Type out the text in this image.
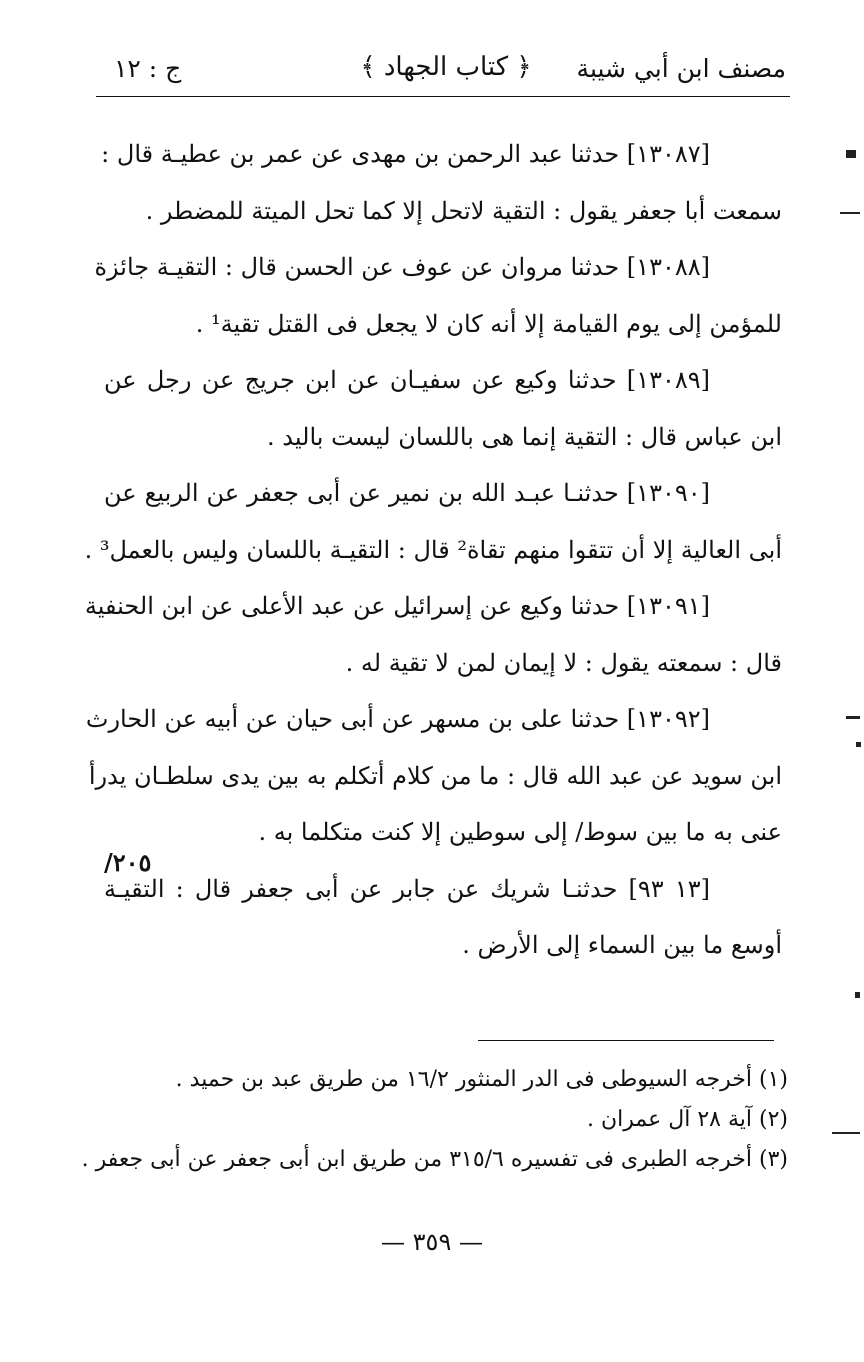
مصنف ابن أبي شيبة
﴿ كتاب الجهاد ﴾
ج : ١٢
[١٣٠٨٧] حدثنا عبد الرحمن بن مهدى عن عمر بن عطيـة قال :
سمعت أبا جعفر يقول : التقية لاتحل إلا كما تحل الميتة للمضطر .
[١٣٠٨٨] حدثنا مروان عن عوف عن الحسن قال : التقيـة جائزة
للمؤمن إلى يوم القيامة إلا أنه كان لا يجعل فى القتل تقية¹ .
[١٣٠٨٩] حدثنا وكيع عن سفيـان عن ابن جريج عن رجل عن
ابن عباس قال : التقية إنما هى باللسان ليست باليد .
[١٣٠٩٠] حدثنـا عبـد الله بن نمير عن أبى جعفر عن الربيع عن
أبى العالية إلا أن تتقوا منهم تقاة² قال : التقيـة باللسان وليس بالعمل³ .
[١٣٠٩١] حدثنا وكيع عن إسرائيل عن عبد الأعلى عن ابن الحنفية
قال : سمعته يقول : لا إيمان لمن لا تقية له .
[١٣٠٩٢] حدثنا على بن مسهر عن أبى حيان عن أبيه عن الحارث
ابن سويد عن عبد الله قال : ما من كلام أتكلم به بين يدى سلطـان يدرأ
عنى به ما بين سوط/ إلى سوطين إلا كنت متكلما به .
[١٣ ٩٣] حدثنـا شريك عن جابر عن أبى جعفر قال : التقيـة
أوسع ما بين السماء إلى الأرض .
٢٠٥/
(١) أخرجه السيوطى فى الدر المنثور ١٦/٢ من طريق عبد بن حميد .
(٢) آية ٢٨ آل عمران .
(٣) أخرجه الطبرى فى تفسيره ٣١٥/٦ من طريق ابن أبى جعفر عن أبى جعفر .
— ٣٥٩ —
